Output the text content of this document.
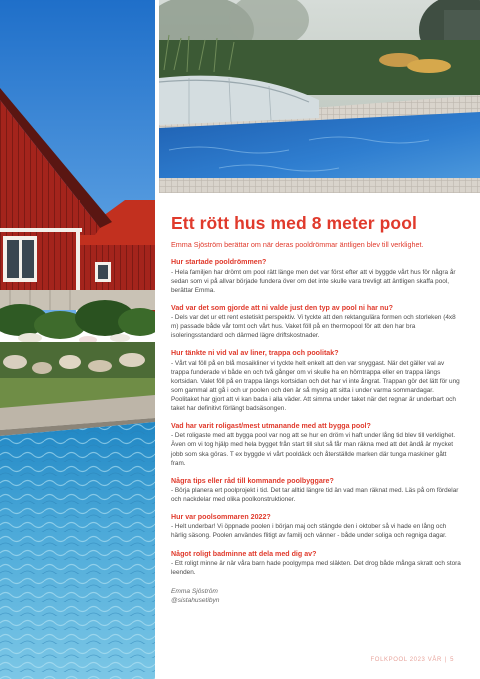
Ett rött hus med 8 meter pool

Emma Sjöström berättar om när deras pooldrömmar äntligen blev till verklighet.

Hur startade pooldrömmen?

- Hela familjen har drömt om pool rätt länge men det var först efter att vi byggde vårt hus för några år sedan som vi på allvar började fundera över om det inte skulle vara trevligt att äntligen skaffa pool, berättar Emma.

Vad var det som gjorde att ni valde just den typ av pool ni har nu?

- Dels var det ur ett rent estetiskt perspektiv. Vi tyckte att den rektangulära formen och storleken (4x8 m) passade både vår tomt och vårt hus. Vaket föll på en thermopool för att den har bra isoleringsstandard och därmed lägre driftskostnader.

Hur tänkte ni vid val av liner, trappa och poolitak?

- Vårt val föll på en blå mosaikliner vi tyckte helt enkelt att den var snyggast. När det gäller val av trappa funderade vi både en och två gånger om vi skulle ha en hörntrappa eller en trappa längs kortsidan. Valet föll på en trappa längs kortsidan och det har vi inte ångrat. Trappan gör det lätt för ung som gammal att gå i och ur poolen och den är så mysig att sitta i under varma sommardagar. Poolitaket har gjort att vi kan bada i alla väder. Att simma under taket när det regnar är underbart och taket har definitivt förlängt badsäsongen.

Vad har varit roligast/mest utmanande med att bygga pool?

- Det roligaste med att bygga pool var nog att se hur en dröm vi haft under lång tid blev till verklighet. Även om vi tog hjälp med hela bygget från start till slut så får man räkna med att det ändå är mycket jobb som ska göras. T ex byggde vi vårt pooldäck och återställde marken där tunga maskiner gått fram.

Några tips eller råd till kommande poolbyggare?

- Börja planera ert poolprojekt i tid. Det tar alltid längre tid än vad man räknat med. Läs på om fördelar och nackdelar med olika poolkonstruktioner.

Hur var poolsommaren 2022?

- Helt underbar! Vi öppnade poolen i början maj och stängde den i oktober så vi hade en lång och härlig säsong. Poolen användes flitigt av familj och vänner - både under soliga och regniga dagar.

Något roligt badminne att dela med dig av?

- Ett roligt minne är när våra barn hade poolgympa med släkten. Det drog både många skratt och stora leenden.

Emma Sjöström
@sistahusetibyn
FOLKPOOL 2023 VÅR | 5
